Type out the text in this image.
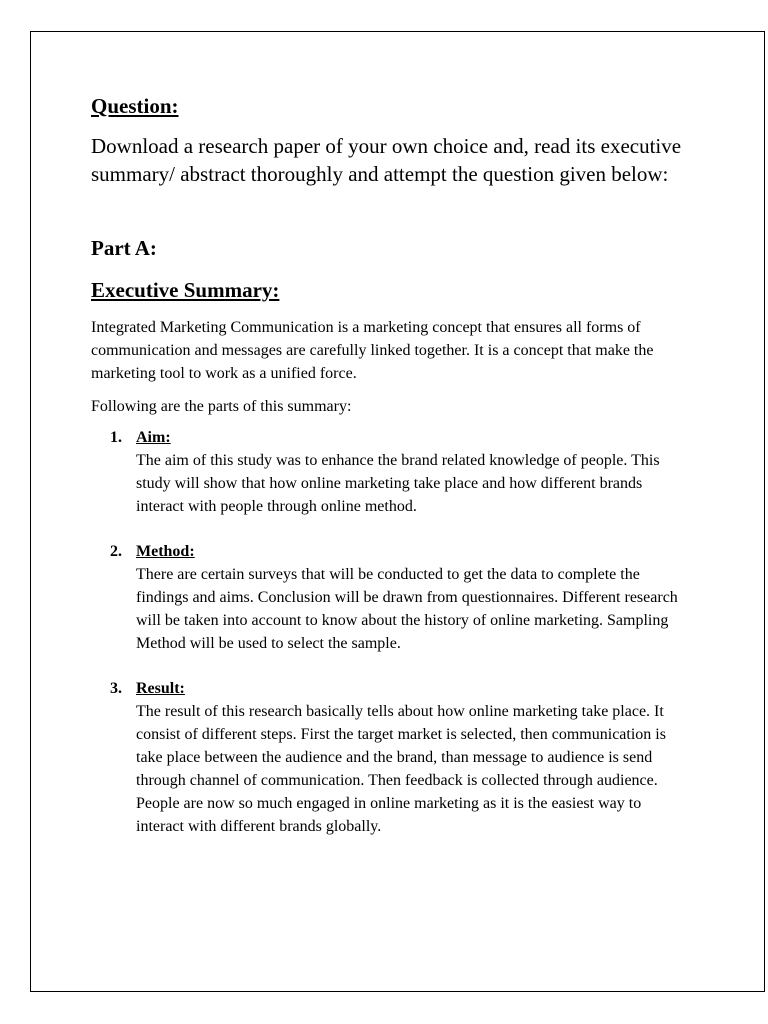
Question:

Download a research paper of your own choice and, read its executive summary/ abstract thoroughly and attempt the question given below:

Part A:
Executive Summary:

Integrated Marketing Communication is a marketing concept that ensures all forms of communication and messages are carefully linked together. It is a concept that make the marketing tool to work as a unified force.

Following are the parts of this summary:

1. Aim:
The aim of this study was to enhance the brand related knowledge of people. This study will show that how online marketing take place and how different brands interact with people through online method.
2. Method:
There are certain surveys that will be conducted to get the data to complete the findings and aims. Conclusion will be drawn from questionnaires. Different research will be taken into account to know about the history of online marketing. Sampling Method will be used to select the sample.
3. Result:
The result of this research basically tells about how online marketing take place. It consist of different steps. First the target market is selected, then communication is take place between the audience and the brand, than message to audience is send through channel of communication. Then feedback is collected through audience. People are now so much engaged in online marketing as it is the easiest way to interact with different brands globally.
